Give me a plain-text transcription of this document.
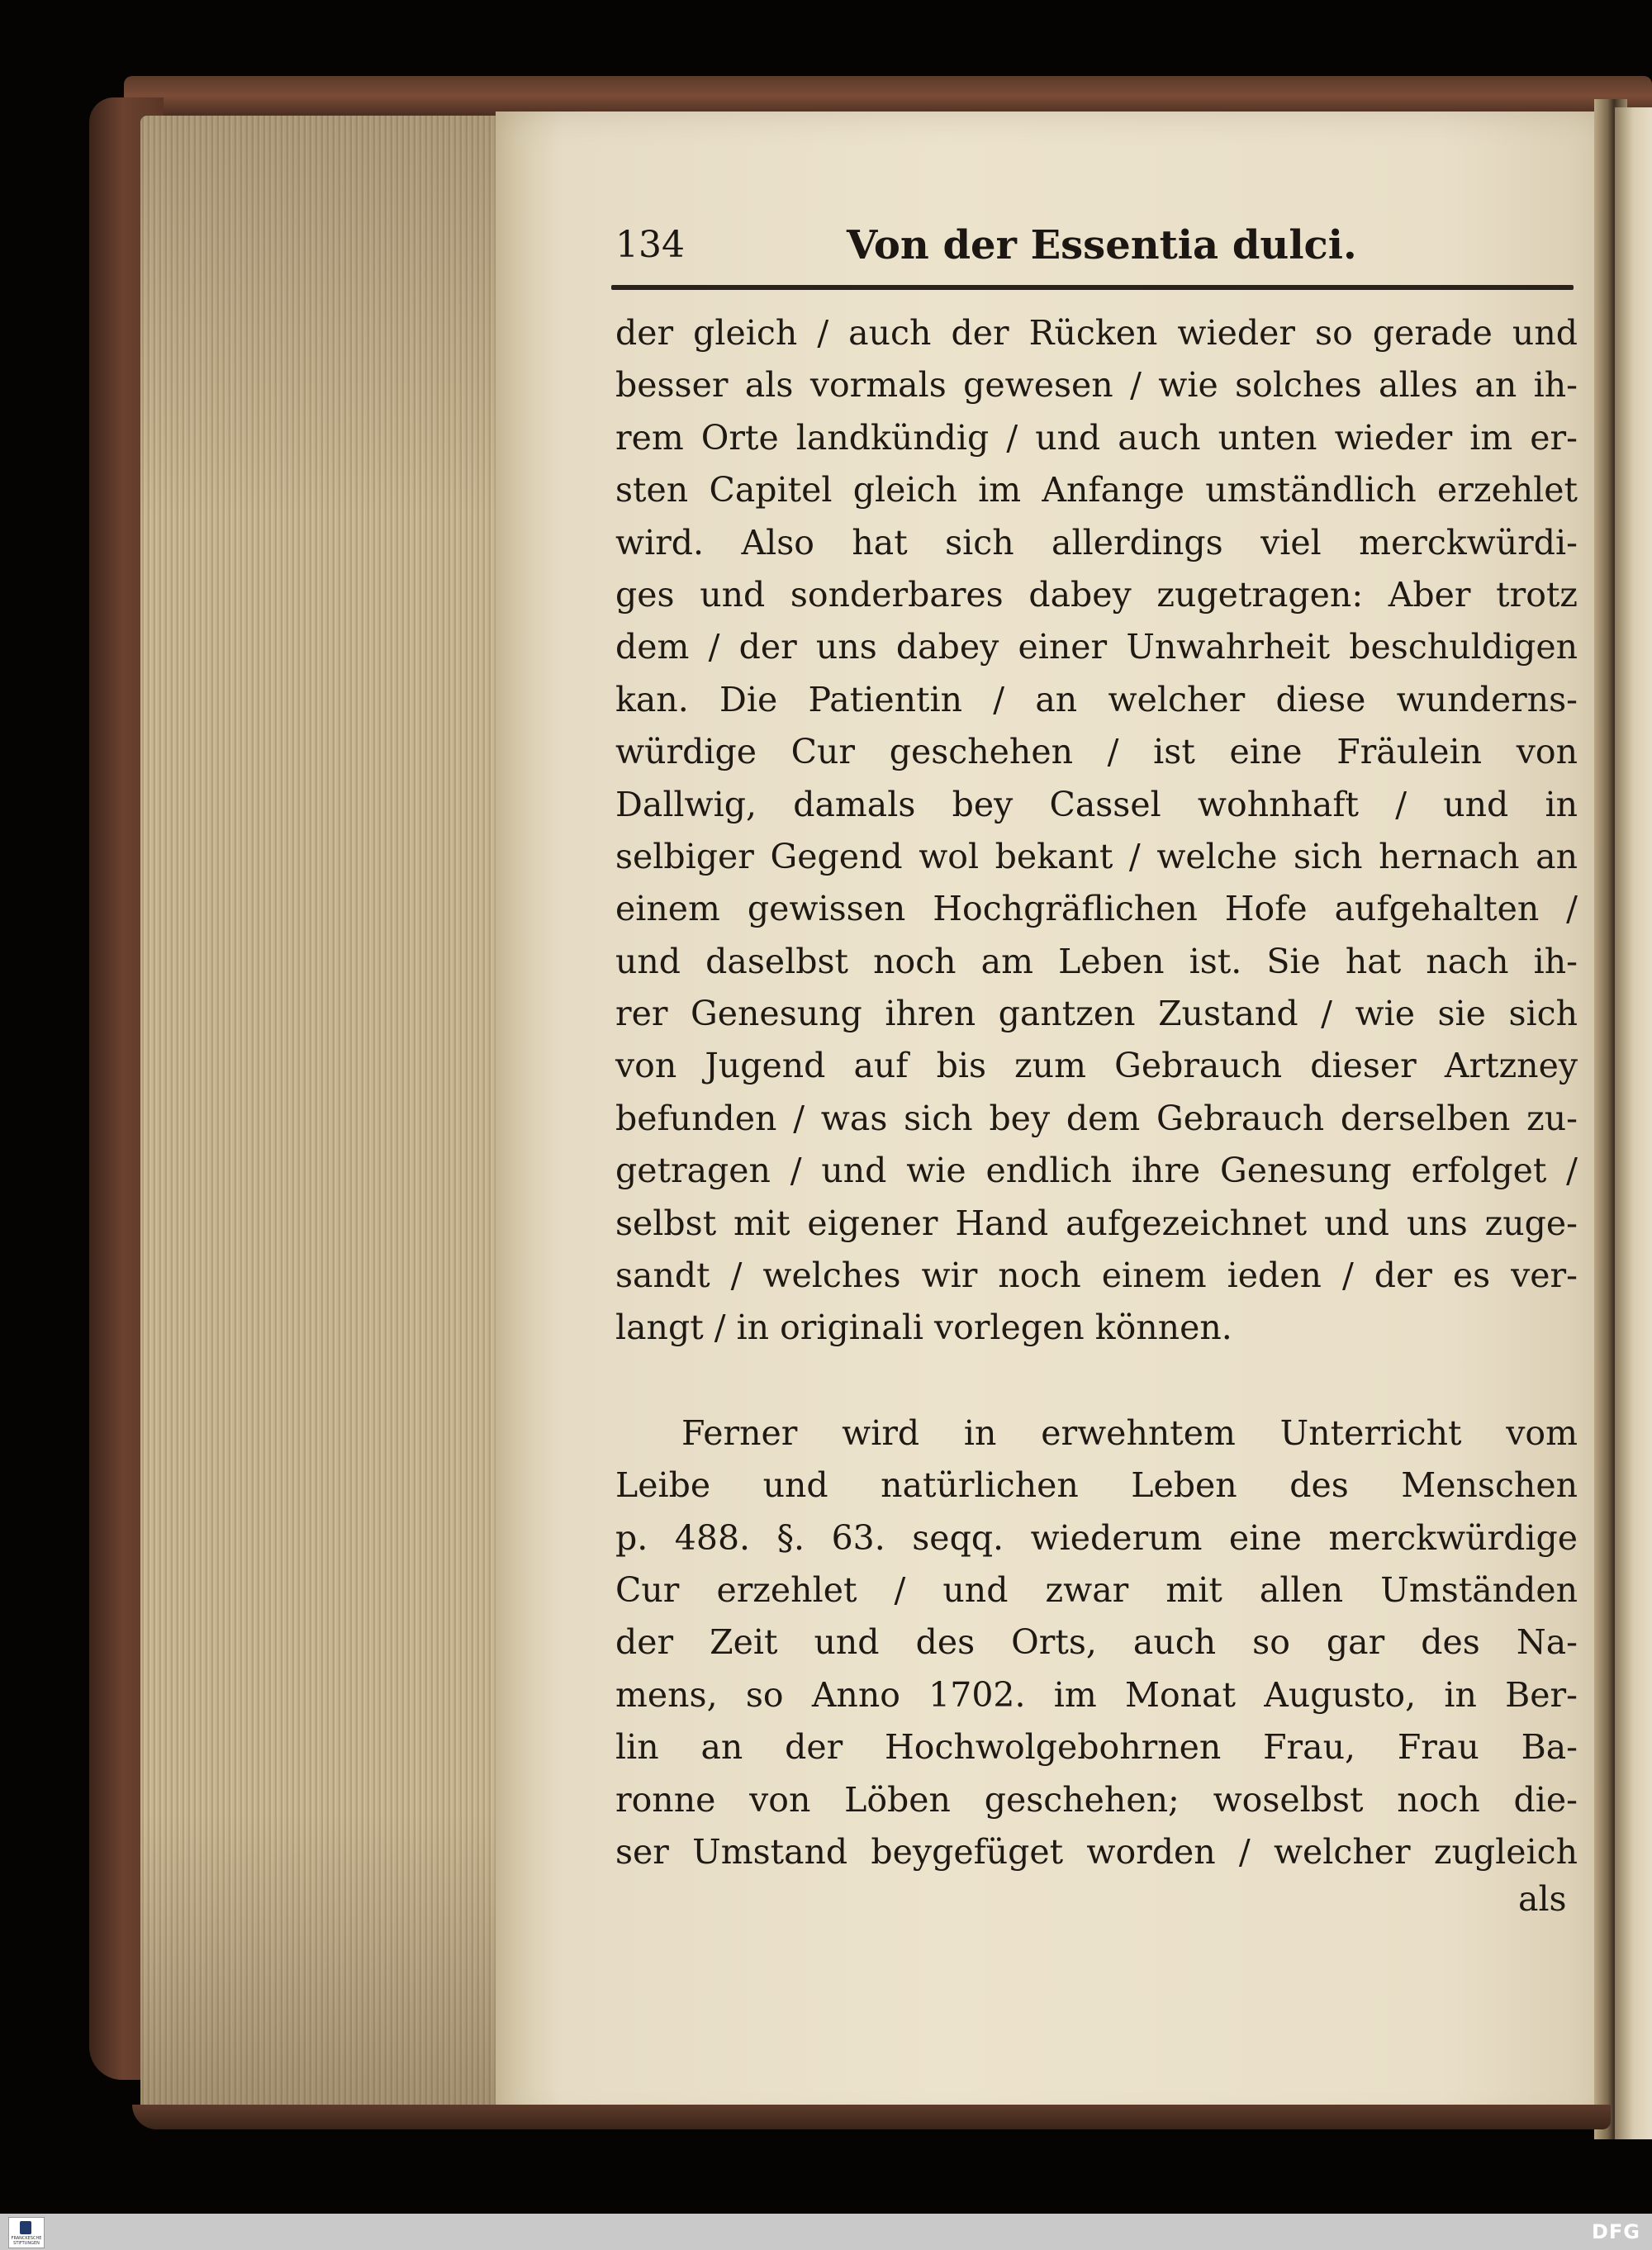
134	Von der Essentia dulci.
der gleich / auch der Rücken wieder so gerade und
besser als vormals gewesen / wie solches alles an ih-
rem Orte landkündig / und auch unten wieder im er-
sten Capitel gleich im Anfange umständlich erzehlet
wird. Also hat sich allerdings viel merckwürdi-
ges und sonderbares dabey zugetragen: Aber trotz
dem / der uns dabey einer Unwahrheit beschuldigen
kan. Die Patientin / an welcher diese wunderns-
würdige Cur geschehen / ist eine Fräulein von
Dallwig, damals bey Cassel wohnhaft / und in
selbiger Gegend wol bekant / welche sich hernach an
einem gewissen Hochgräflichen Hofe aufgehalten /
und daselbst noch am Leben ist. Sie hat nach ih-
rer Genesung ihren gantzen Zustand / wie sie sich
von Jugend auf bis zum Gebrauch dieser Artzney
befunden / was sich bey dem Gebrauch derselben zu-
getragen / und wie endlich ihre Genesung erfolget /
selbst mit eigener Hand aufgezeichnet und uns zuge-
sandt / welches wir noch einem ieden / der es ver-
langt / in originali vorlegen können.
Ferner wird in erwehntem Unterricht vom
Leibe und natürlichen Leben des Menschen
p. 488. §. 63. seqq. wiederum eine merckwürdige
Cur erzehlet / und zwar mit allen Umständen
der Zeit und des Orts, auch so gar des Na-
mens, so Anno 1702. im Monat Augusto, in Ber-
lin an der Hochwolgebohrnen Frau, Frau Ba-
ronne von Löben geschehen; woselbst noch die-
ser Umstand beygefüget worden / welcher zugleich
als
FRANCKESCHE STIFTUNGEN	DFG
